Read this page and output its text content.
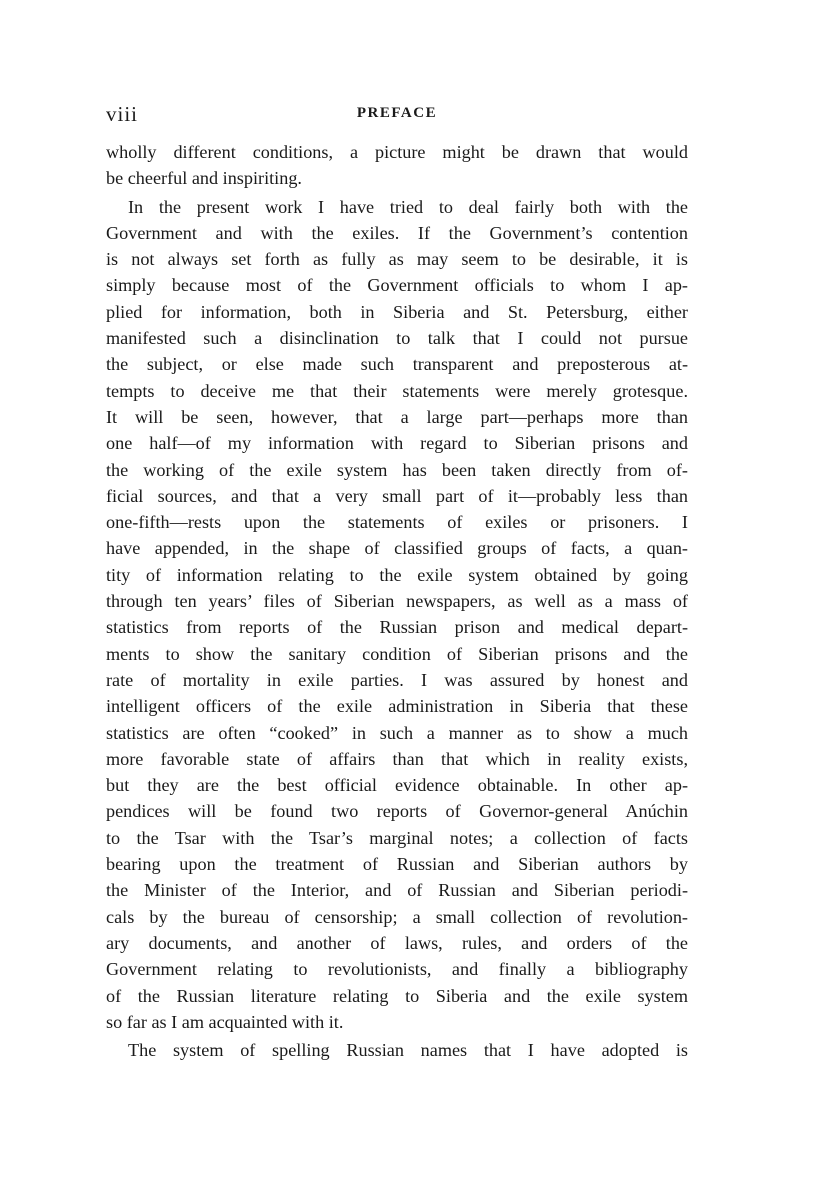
viii	PREFACE
wholly different conditions, a picture might be drawn that would
be cheerful and inspiriting.
In the present work I have tried to deal fairly both with the
Government and with the exiles. If the Government’s contention
is not always set forth as fully as may seem to be desirable, it is
simply because most of the Government officials to whom I ap-
plied for information, both in Siberia and St. Petersburg, either
manifested such a disinclination to talk that I could not pursue
the subject, or else made such transparent and preposterous at-
tempts to deceive me that their statements were merely grotesque.
It will be seen, however, that a large part—perhaps more than
one half—of my information with regard to Siberian prisons and
the working of the exile system has been taken directly from of-
ficial sources, and that a very small part of it—probably less than
one-fifth—rests upon the statements of exiles or prisoners. I
have appended, in the shape of classified groups of facts, a quan-
tity of information relating to the exile system obtained by going
through ten years’ files of Siberian newspapers, as well as a mass of
statistics from reports of the Russian prison and medical depart-
ments to show the sanitary condition of Siberian prisons and the
rate of mortality in exile parties. I was assured by honest and
intelligent officers of the exile administration in Siberia that these
statistics are often “cooked” in such a manner as to show a much
more favorable state of affairs than that which in reality exists,
but they are the best official evidence obtainable. In other ap-
pendices will be found two reports of Governor-general Anúchin
to the Tsar with the Tsar’s marginal notes; a collection of facts
bearing upon the treatment of Russian and Siberian authors by
the Minister of the Interior, and of Russian and Siberian periodi-
cals by the bureau of censorship; a small collection of revolution-
ary documents, and another of laws, rules, and orders of the
Government relating to revolutionists, and finally a bibliography
of the Russian literature relating to Siberia and the exile system
so far as I am acquainted with it.
The system of spelling Russian names that I have adopted is
